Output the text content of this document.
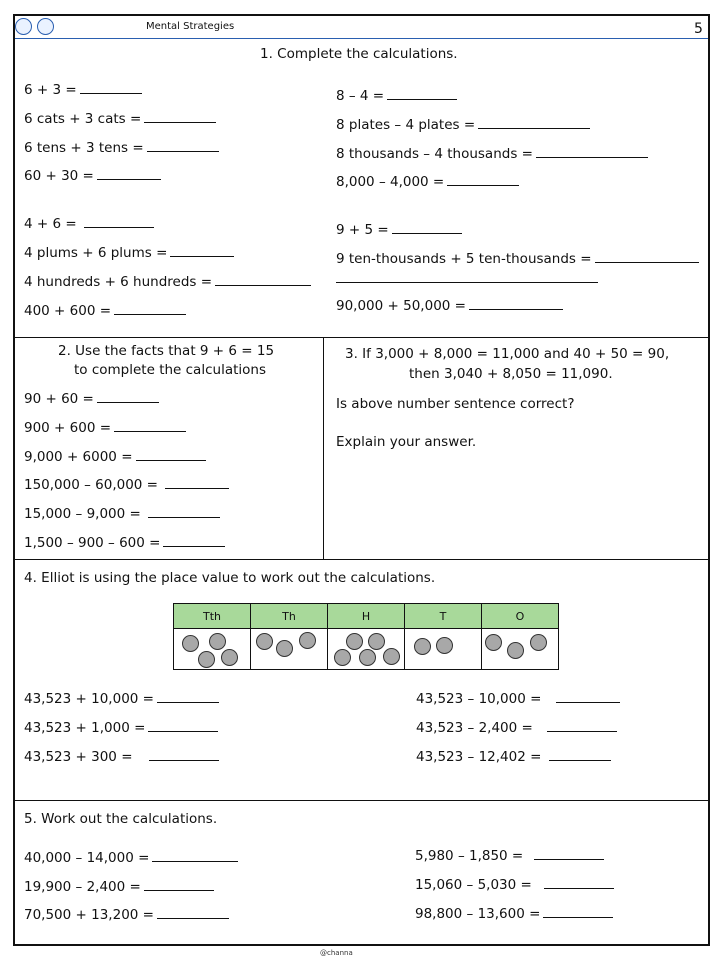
Mental Strategies	5
1. Complete the calculations.
6 + 3 =
6 cats + 3 cats =
6 tens + 3 tens =
60 + 30 =
8 – 4 =
8 plates – 4 plates =
8 thousands – 4 thousands =
8,000 – 4,000 =
4 + 6 =
4 plums + 6 plums =
4 hundreds + 6 hundreds =
400 + 600 =
9 + 5 =
9 ten-thousands + 5 ten-thousands =
90,000 + 50,000 =
2. Use the facts that 9 + 6 = 15
to complete the calculations
90 + 60 =
900 + 600 =
9,000 + 6000 =
150,000 – 60,000 =
15,000 – 9,000 =
1,500 – 900 – 600 =
3. If 3,000 + 8,000 = 11,000 and 40 + 50 = 90,
then 3,040 + 8,050 = 11,090.
Is above number sentence correct?
Explain your answer.
4. Elliot is using the place value to work out the calculations.
Tth	Th	H	T	O

43,523 + 10,000 =
43,523 + 1,000 =
43,523 + 300 =
43,523 – 10,000 =
43,523 – 2,400 =
43,523 – 12,402 =
5. Work out the calculations.
40,000 – 14,000 =
19,900 – 2,400 =
70,500 + 13,200 =
5,980 – 1,850 =
15,060 – 5,030 =
98,800 – 13,600 =
@channa
